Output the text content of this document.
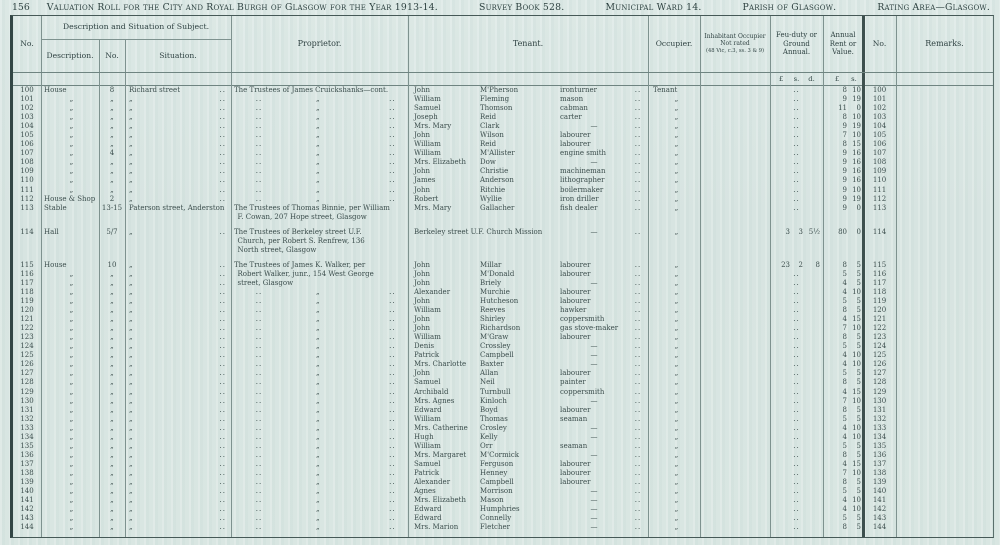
156 Valuation Roll for the City and Royal Burgh of Glasgow for the Year 1913-14.	Survey Book 528.	Municipal Ward 14.	Parish of Glasgow.	Rating Area—Glasgow.
No.
Description and Situation of Subject.
Description.	No.	Situation.
Proprietor.	Tenant.	Occupier.
Inhabitant Occupier
Not rated
(48 Vic, c.3, ss. 3 & 9)
Feu-duty or Ground Annual.
Annual Rent or Value.
No.	Remarks.
£	s.	d.	£	s.
100	House	8	Richard street	..	The Trustees of James Cruickshanks—cont.	John	M'Pherson	ironturner	..	Tenant	..	8 10	100
101	„	„	„	..	..	„	..	William	Fleming	mason	..	„	..	9 19	101
102	„	„	„	..	..	„	..	Samuel	Thomson	cabman	..	„	..	11	0	102
103	„	„	„	..	..	„	..	Joseph	Reid	carter	..	„	..	8 10	103
104	„	„	„	..	..	„	..	Mrs. Mary	Clark	—	..	„	..	9 19	104
105	„	„	„	..	..	„	..	John	Wilson	labourer	..	„	..	7 10	105
106	„	„	„	..	..	„	..	William	Reid	labourer	..	„	..	8 15	106
107	„	4	„	..	..	„	..	William	M'Allister	engine smith	..	„	..	9 16	107
108	„	„	„	..	..	„	..	Mrs. Elizabeth	Dow	—	..	„	..	9 16	108
109	„	„	„	..	..	„	..	John	Christie	machineman	..	„	..	9 16	109
110	„	„	„	..	..	„	..	James	Anderson	lithographer	..	„	..	9 16	110
111	„	„	„	..	..	„	..	John	Ritchie	boilermaker	..	„	..	9 10	111
112	House & Shop	2	„	..	..	„	..	Robert	Wyllie	iron driller	..	„	..	9 19	112
113	Stable	13-15 Paterson street, Anderston	The Trustees of Thomas Binnie, per William	Mrs. Mary	Gallacher	fish dealer	..	„	..	9	0	113
 F. Cowan, 207 Hope street, Glasgow
114	Hall	5/7	„	..	The Trustees of Berkeley street U.F.	Berkeley street U.F. Church Mission	—	..	„	3	3 5½	80	0	114
 Church, per Robert S. Renfrew, 136
 North street, Glasgow
115	House	10	„	..	The Trustees of James K. Walker, per	John	Millar	labourer	..	„	23	2	8	8	5	115
116	„	„	„	..	 Robert Walker, junr., 154 West George	John	M'Donald	labourer	..	„	..	5	5	116
117	„	„	„	..	 street, Glasgow	John	Briely	—	..	„	..	4	5	117
118	„	„	„	..	..	„	..	Alexander	Murchie	labourer	..	„	..	4 10	118
119	„	„	„	..	..	„	..	John	Hutcheson	labourer	..	„	..	5	5	119
120	„	„	„	..	..	„	..	William	Reeves	hawker	..	„	..	8	5	120
121	„	„	„	..	..	„	..	John	Shirley	coppersmith	..	„	..	4 15	121
122	„	„	„	..	..	„	..	John	Richardson	gas stove-maker	..	„	..	7 10	122
123	„	„	„	..	..	„	..	William	M'Graw	labourer	..	„	..	8	5	123
124	„	„	„	..	..	„	..	Denis	Crossley	—	..	„	..	5	5	124
125	„	„	„	..	..	„	..	Patrick	Campbell	—	..	„	..	4 10	125
126	„	„	„	..	..	„	..	Mrs. Charlotte	Baxter	—	..	„	..	4 10	126
127	„	„	„	..	..	„	..	John	Allan	labourer	..	„	..	5	5	127
128	„	„	„	..	..	„	..	Samuel	Neil	painter	..	„	..	8	5	128
129	„	„	„	..	..	„	..	Archibald	Turnbull	coppersmith	..	„	..	4 15	129
130	„	„	„	..	..	„	..	Mrs. Agnes	Kinloch	—	..	„	..	7 10	130
131	„	„	„	..	..	„	..	Edward	Boyd	labourer	..	„	..	8	5	131
132	„	„	„	..	..	„	..	William	Thomas	seaman	..	„	..	5	5	132
133	„	„	„	..	..	„	..	Mrs. Catherine	Crosley	—	..	„	..	4 10	133
134	„	„	„	..	..	„	..	Hugh	Kelly	—	..	„	..	4 10	134
135	„	„	„	..	..	„	..	William	Orr	seaman	..	„	..	5	5	135
136	„	„	„	..	..	„	..	Mrs. Margaret	M'Cormick	—	..	„	..	8	5	136
137	„	„	„	..	..	„	..	Samuel	Ferguson	labourer	..	„	..	4 15	137
138	„	„	„	..	..	„	..	Patrick	Henney	labourer	..	„	..	7 10	138
139	„	„	„	..	..	„	..	Alexander	Campbell	labourer	..	„	..	8	5	139
140	„	„	„	..	..	„	..	Agnes	Morrison	—	..	„	..	5	5	140
141	„	„	„	..	..	„	..	Mrs. Elizabeth	Mason	—	..	„	..	4 10	141
142	„	„	„	..	..	„	..	Edward	Humphries	—	..	„	..	4 10	142
143	„	„	„	..	..	„	..	Edward	Connelly	—	..	„	..	5	5	143
144	„	„	„	..	..	„	..	Mrs. Marion	Fletcher	—	..	„	..	8	5	144
